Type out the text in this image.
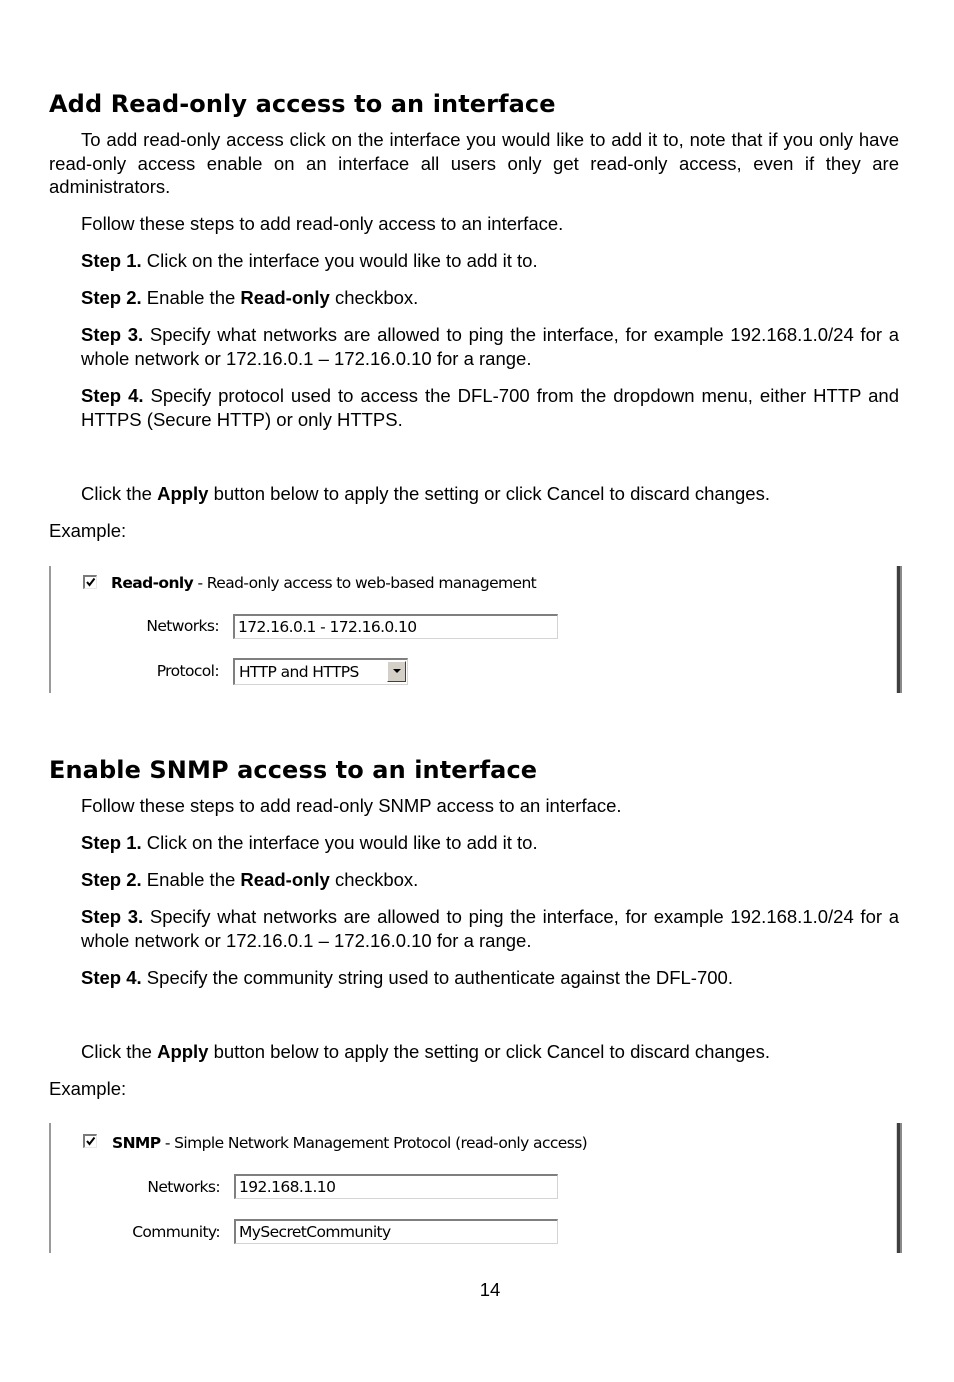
Add Read-only access to an interface

To add read-only access click on the interface you would like to add it to, note that if you only have read-only access enable on an interface all users only get read-only access, even if they are administrators.

Follow these steps to add read-only access to an interface.

Step 1. Click on the interface you would like to add it to.

Step 2. Enable the Read-only checkbox.

Step 3. Specify what networks are allowed to ping the interface, for example 192.168.1.0/24 for a whole network or 172.16.0.1 – 172.16.0.10 for a range.

Step 4. Specify protocol used to access the DFL-700 from the dropdown menu, either HTTP and HTTPS (Secure HTTP) or only HTTPS.

Click the Apply button below to apply the setting or click Cancel to discard changes.

Example:

Read-only - Read-only access to web-based management
Networks:	172.16.0.1 - 172.16.0.10
Protocol: HTTP and HTTPS
Enable SNMP access to an interface

Follow these steps to add read-only SNMP access to an interface.

Step 1. Click on the interface you would like to add it to.

Step 2. Enable the Read-only checkbox.

Step 3. Specify what networks are allowed to ping the interface, for example 192.168.1.0/24 for a whole network or 172.16.0.1 – 172.16.0.10 for a range.

Step 4. Specify the community string used to authenticate against the DFL-700.

Click the Apply button below to apply the setting or click Cancel to discard changes.

Example:

SNMP - Simple Network Management Protocol (read-only access)
Networks:	192.168.1.10
Community:	MySecretCommunity
14
